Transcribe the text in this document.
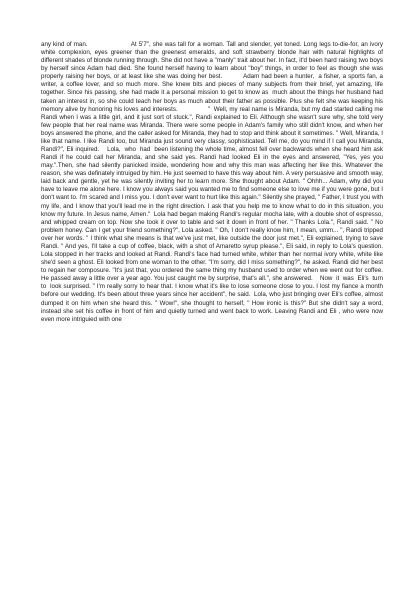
any kind of man.                     At 5'7", she was tall for a woman. Tall and slender, yet toned. Long legs to-die-for, an ivory white complexion, eyes greener than the greenest emeralds, and soft strawberry blonde hair with natural highlights of different shades of blonde running through. She did not have a "manly" trait about her. In fact, it'd been hard raising two boys by herself since Adam had died. She found herself having to learn about "boy" things, in order to feel as though she was properly raising her boys, or at least like she was doing her best.          Adam had been a hunter,  a fisher, a sports fan, a writer, a coffee lover, and so much more. She knew bits and pieces of many subjects from their brief, yet amazing, life together. Since his passing, she had made it a personal mission to get to know as  much about the things her husband had taken an interest in, so she could teach her boys as much about their father as possible. Plus she felt she was keeping his memory alive by honoring his loves and interests.                "  Well, my real name is Miranda, but my dad started calling me Randi when I was a little girl, and it just sort of stuck.", Randi explained to Eli. Although she wasn't sure why, she told very few people that her real name was Miranda. There were some people in Adam's family who still didn't know, and when her boys answered the phone, and the caller asked for Miranda, they had to stop and think about it sometimes. " Well, Miranda, I like that name. I like Randi too, but Miranda just sound very classy, sophisticated. Tell me, do you mind if I call you Miranda, Randi?", Eli inquired.    Lola,  who  had  been listening the whole time, almost fell over backwards when she heard him ask Randi if he could call her Miranda, and she said yes. Randi had looked Eli in the eyes and answered, "Yes, yes you may.".Then, she had silently panicked inside, wondering how and why this man was affecting her like this. Whatever the reason, she was definately intruiged by him. He just seemed to have this way about him. A very persuasive and smooth way, laid back and gentle, yet he was silently inviting her to learn more. She thought about Adam. " Ohhh... Adam, why did you have to leave me alone here. I know you always said you wanted me to find someone else to love me if you were gone, but I don't want to. I'm scared and I miss you. I don't ever want to hurt like this again." Silently she prayed, " Father, I trust you with my life, and I know that you'll lead me in the right direction. I ask that you help me to know what to do in this situation, you know my future. In Jesus name, Amen."  Lola had began making Randi's regular mocha late, with a double shot of espresso, and whipped cream on top. Now she took it over to table and set it down in front of her. " Thanks Lola.", Randi said. " No problem honey. Can I get your friend something?", Lola asked. " Oh, I don't really know him, I mean, umm... ", Randi tripped over her words. " I think what she means is that we've just met, like outside the door just met.", Eli explained, trying to save Randi. " And yes, I'll take a cup of coffee, black, with a shot of Amaretto syrup please.", Eli said, in reply to Lola's question. Lola stopped in her tracks and looked at Randi. Randi's face had turned white, whiter than her normal ivory white, white like she'd seen a ghost. Eli looked from one woman to the other. "I'm sorry, did I miss something?", he asked. Randi did her best to regain her composure. "It's just that, you ordered the same thing my husband used to order when we went out for coffee. He passed away a little over a year ago. You just caught me by surprise, that's all.", she answered.    Now  it  was  Eli's  turn  to  look surprised. " I'm really sorry to hear that. I know what it's like to lose someone close to you. I lost my fiance a month before our wedding. It's been about three years since her accident", he said.  Lola, who just bringing over Eli's coffee, almost dumped it on him when she heard this. " Wow!", she thought to herself, " How ironic is this?" But she didn't say a word, instead she set his coffee in front of him and quietly turned and went back to work. Leaving Randi and Eli , who were now even more intriguied with one
